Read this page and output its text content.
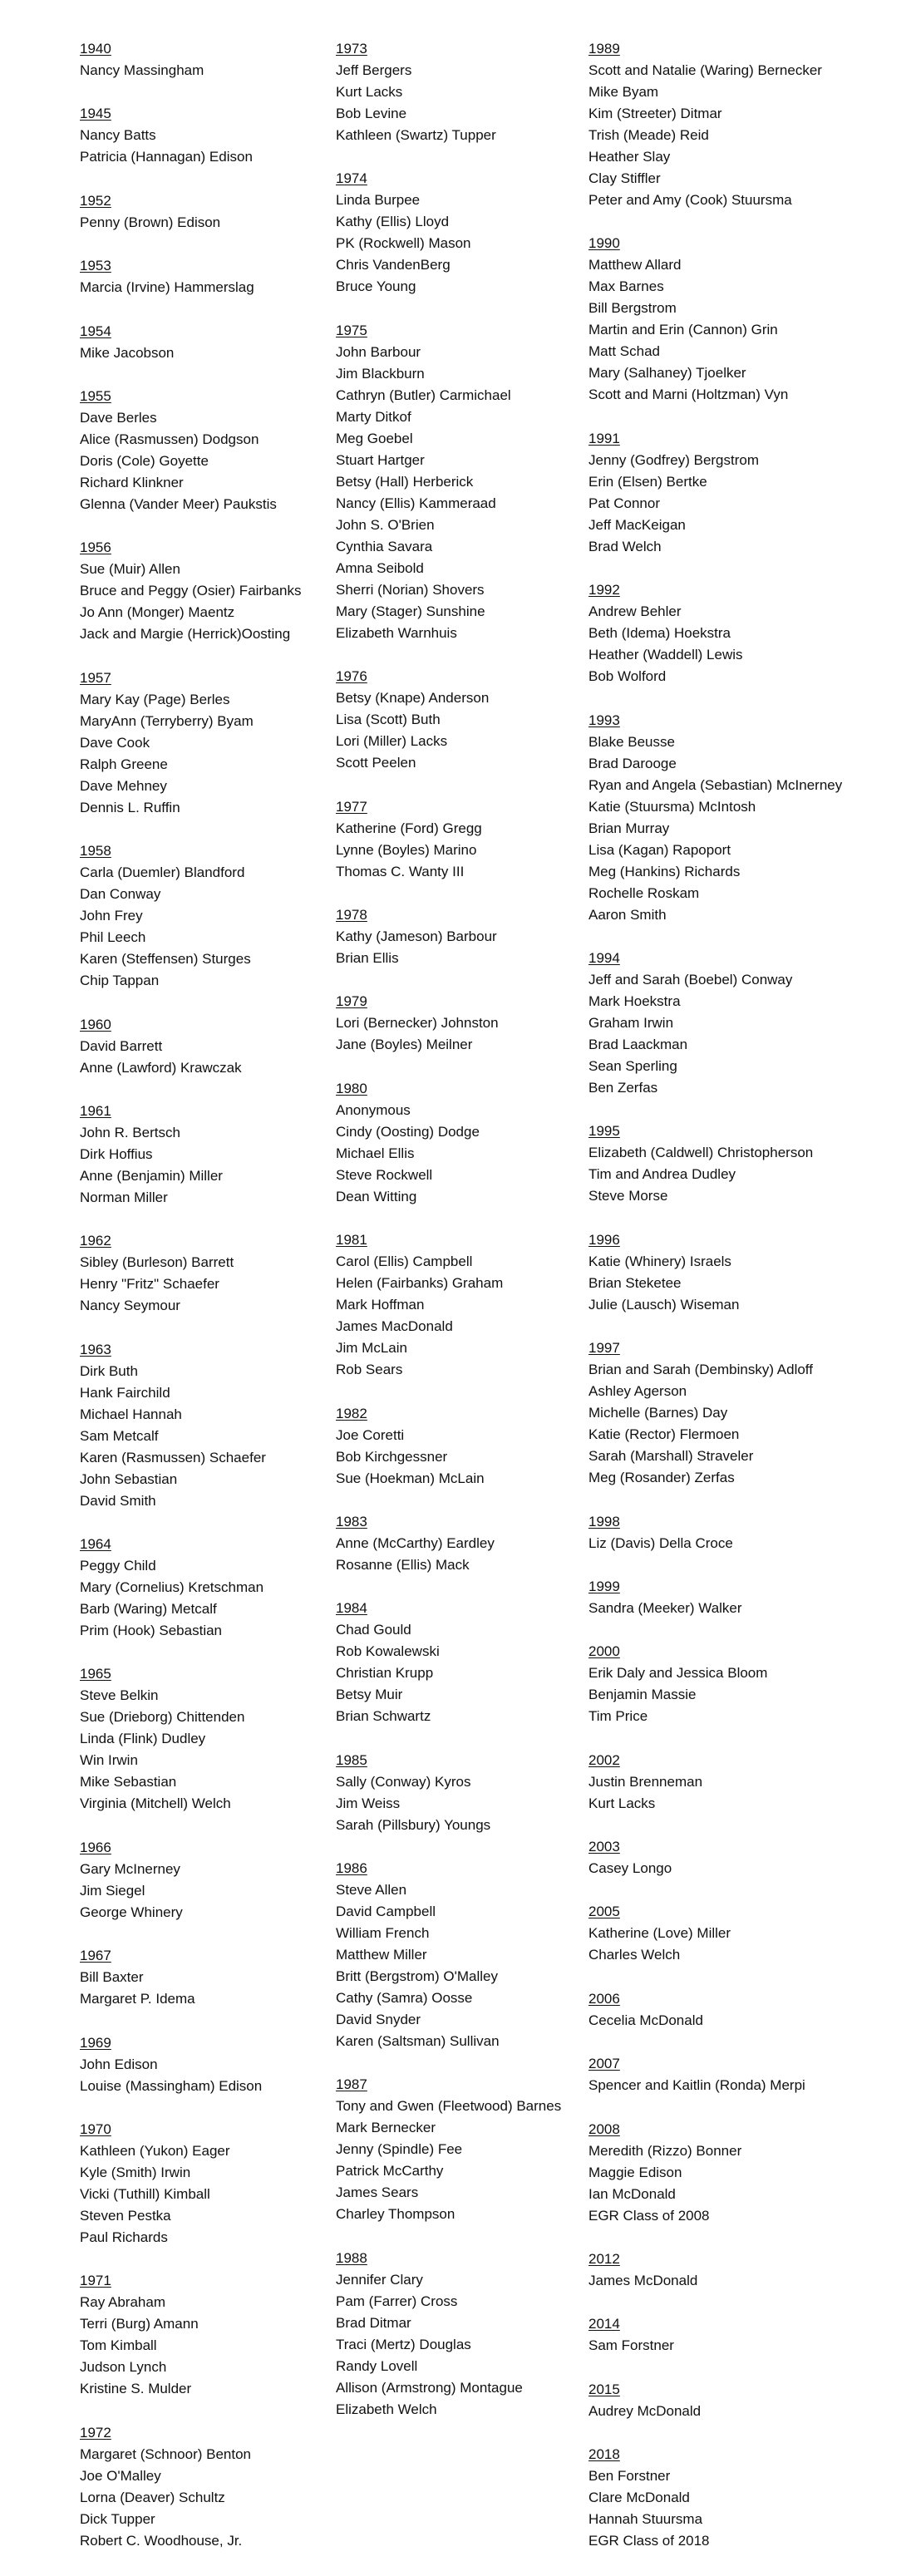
1940
Nancy Massingham
1945
Nancy Batts
Patricia (Hannagan) Edison
1952
Penny (Brown) Edison
1953
Marcia (Irvine) Hammerslag
1954
Mike Jacobson
1955
Dave Berles
Alice (Rasmussen) Dodgson
Doris (Cole) Goyette
Richard Klinkner
Glenna (Vander Meer) Paukstis
1956
Sue (Muir) Allen
Bruce and Peggy (Osier) Fairbanks
Jo Ann (Monger) Maentz
Jack and Margie (Herrick)Oosting
1957
Mary Kay (Page) Berles
MaryAnn (Terryberry) Byam
Dave Cook
Ralph Greene
Dave Mehney
Dennis L. Ruffin
1958
Carla (Duemler) Blandford
Dan Conway
John Frey
Phil Leech
Karen (Steffensen) Sturges
Chip Tappan
1960
David Barrett
Anne (Lawford) Krawczak
1961
John R. Bertsch
Dirk Hoffius
Anne (Benjamin) Miller
Norman Miller
1962
Sibley (Burleson) Barrett
Henry "Fritz" Schaefer
Nancy Seymour
1963
Dirk Buth
Hank Fairchild
Michael Hannah
Sam Metcalf
Karen (Rasmussen) Schaefer
John Sebastian
David Smith
1964
Peggy Child
Mary (Cornelius) Kretschman
Barb (Waring) Metcalf
Prim (Hook) Sebastian
1965
Steve Belkin
Sue (Drieborg) Chittenden
Linda (Flink) Dudley
Win Irwin
Mike Sebastian
Virginia (Mitchell) Welch
1966
Gary McInerney
Jim Siegel
George Whinery
1967
Bill Baxter
Margaret P. Idema
1969
John Edison
Louise (Massingham) Edison
1970
Kathleen (Yukon) Eager
Kyle (Smith) Irwin
Vicki (Tuthill) Kimball
Steven Pestka
Paul Richards
1971
Ray Abraham
Terri (Burg) Amann
Tom Kimball
Judson Lynch
Kristine S. Mulder
1972
Margaret (Schnoor) Benton
Joe O'Malley
Lorna (Deaver) Schultz
Dick Tupper
Robert C. Woodhouse, Jr.
1973
Jeff Bergers
Kurt Lacks
Bob Levine
Kathleen (Swartz) Tupper
1974
Linda Burpee
Kathy (Ellis) Lloyd
PK (Rockwell) Mason
Chris VandenBerg
Bruce Young
1975
John Barbour
Jim Blackburn
Cathryn (Butler) Carmichael
Marty Ditkof
Meg Goebel
Stuart Hartger
Betsy (Hall) Herberick
Nancy (Ellis) Kammeraad
John S. O'Brien
Cynthia Savara
Amna Seibold
Sherri (Norian) Shovers
Mary (Stager) Sunshine
Elizabeth Warnhuis
1976
Betsy (Knape) Anderson
Lisa (Scott) Buth
Lori (Miller) Lacks
Scott Peelen
1977
Katherine (Ford) Gregg
Lynne (Boyles) Marino
Thomas C. Wanty III
1978
Kathy (Jameson) Barbour
Brian Ellis
1979
Lori (Bernecker) Johnston
Jane (Boyles) Meilner
1980
Anonymous
Cindy (Oosting) Dodge
Michael Ellis
Steve Rockwell
Dean Witting
1981
Carol (Ellis) Campbell
Helen (Fairbanks) Graham
Mark Hoffman
James MacDonald
Jim McLain
Rob Sears
1982
Joe Coretti
Bob Kirchgessner
Sue (Hoekman) McLain
1983
Anne (McCarthy) Eardley
Rosanne (Ellis) Mack
1984
Chad Gould
Rob Kowalewski
Christian Krupp
Betsy Muir
Brian Schwartz
1985
Sally (Conway) Kyros
Jim Weiss
Sarah (Pillsbury) Youngs
1986
Steve Allen
David Campbell
William French
Matthew Miller
Britt (Bergstrom) O'Malley
Cathy (Samra) Oosse
David Snyder
Karen (Saltsman) Sullivan
1987
Tony and Gwen (Fleetwood) Barnes
Mark Bernecker
Jenny (Spindle) Fee
Patrick McCarthy
James Sears
Charley Thompson
1988
Jennifer Clary
Pam (Farrer) Cross
Brad Ditmar
Traci (Mertz) Douglas
Randy Lovell
Allison (Armstrong) Montague
Elizabeth Welch
1989
Scott and Natalie (Waring) Bernecker
Mike Byam
Kim (Streeter) Ditmar
Trish (Meade) Reid
Heather Slay
Clay Stiffler
Peter and Amy (Cook) Stuursma
1990
Matthew Allard
Max Barnes
Bill Bergstrom
Martin and Erin (Cannon) Grin
Matt Schad
Mary (Salhaney) Tjoelker
Scott and Marni (Holtzman) Vyn
1991
Jenny (Godfrey) Bergstrom
Erin (Elsen) Bertke
Pat Connor
Jeff MacKeigan
Brad Welch
1992
Andrew Behler
Beth (Idema) Hoekstra
Heather (Waddell) Lewis
Bob Wolford
1993
Blake Beusse
Brad Darooge
Ryan and Angela (Sebastian) McInerney
Katie (Stuursma) McIntosh
Brian Murray
Lisa (Kagan) Rapoport
Meg (Hankins) Richards
Rochelle Roskam
Aaron Smith
1994
Jeff and Sarah (Boebel) Conway
Mark Hoekstra
Graham Irwin
Brad Laackman
Sean Sperling
Ben Zerfas
1995
Elizabeth (Caldwell) Christopherson
Tim and Andrea Dudley
Steve Morse
1996
Katie (Whinery) Israels
Brian Steketee
Julie (Lausch) Wiseman
1997
Brian and Sarah (Dembinsky) Adloff
Ashley Agerson
Michelle (Barnes) Day
Katie (Rector) Flermoen
Sarah (Marshall) Straveler
Meg (Rosander) Zerfas
1998
Liz (Davis) Della Croce
1999
Sandra (Meeker) Walker
2000
Erik Daly and Jessica Bloom
Benjamin Massie
Tim Price
2002
Justin Brenneman
Kurt Lacks
2003
Casey Longo
2005
Katherine (Love) Miller
Charles Welch
2006
Cecelia McDonald
2007
Spencer and Kaitlin (Ronda) Merpi
2008
Meredith (Rizzo) Bonner
Maggie Edison
Ian McDonald
EGR Class of 2008
2012
James McDonald
2014
Sam Forstner
2015
Audrey McDonald
2018
Ben Forstner
Clare McDonald
Hannah Stuursma
EGR Class of 2018
